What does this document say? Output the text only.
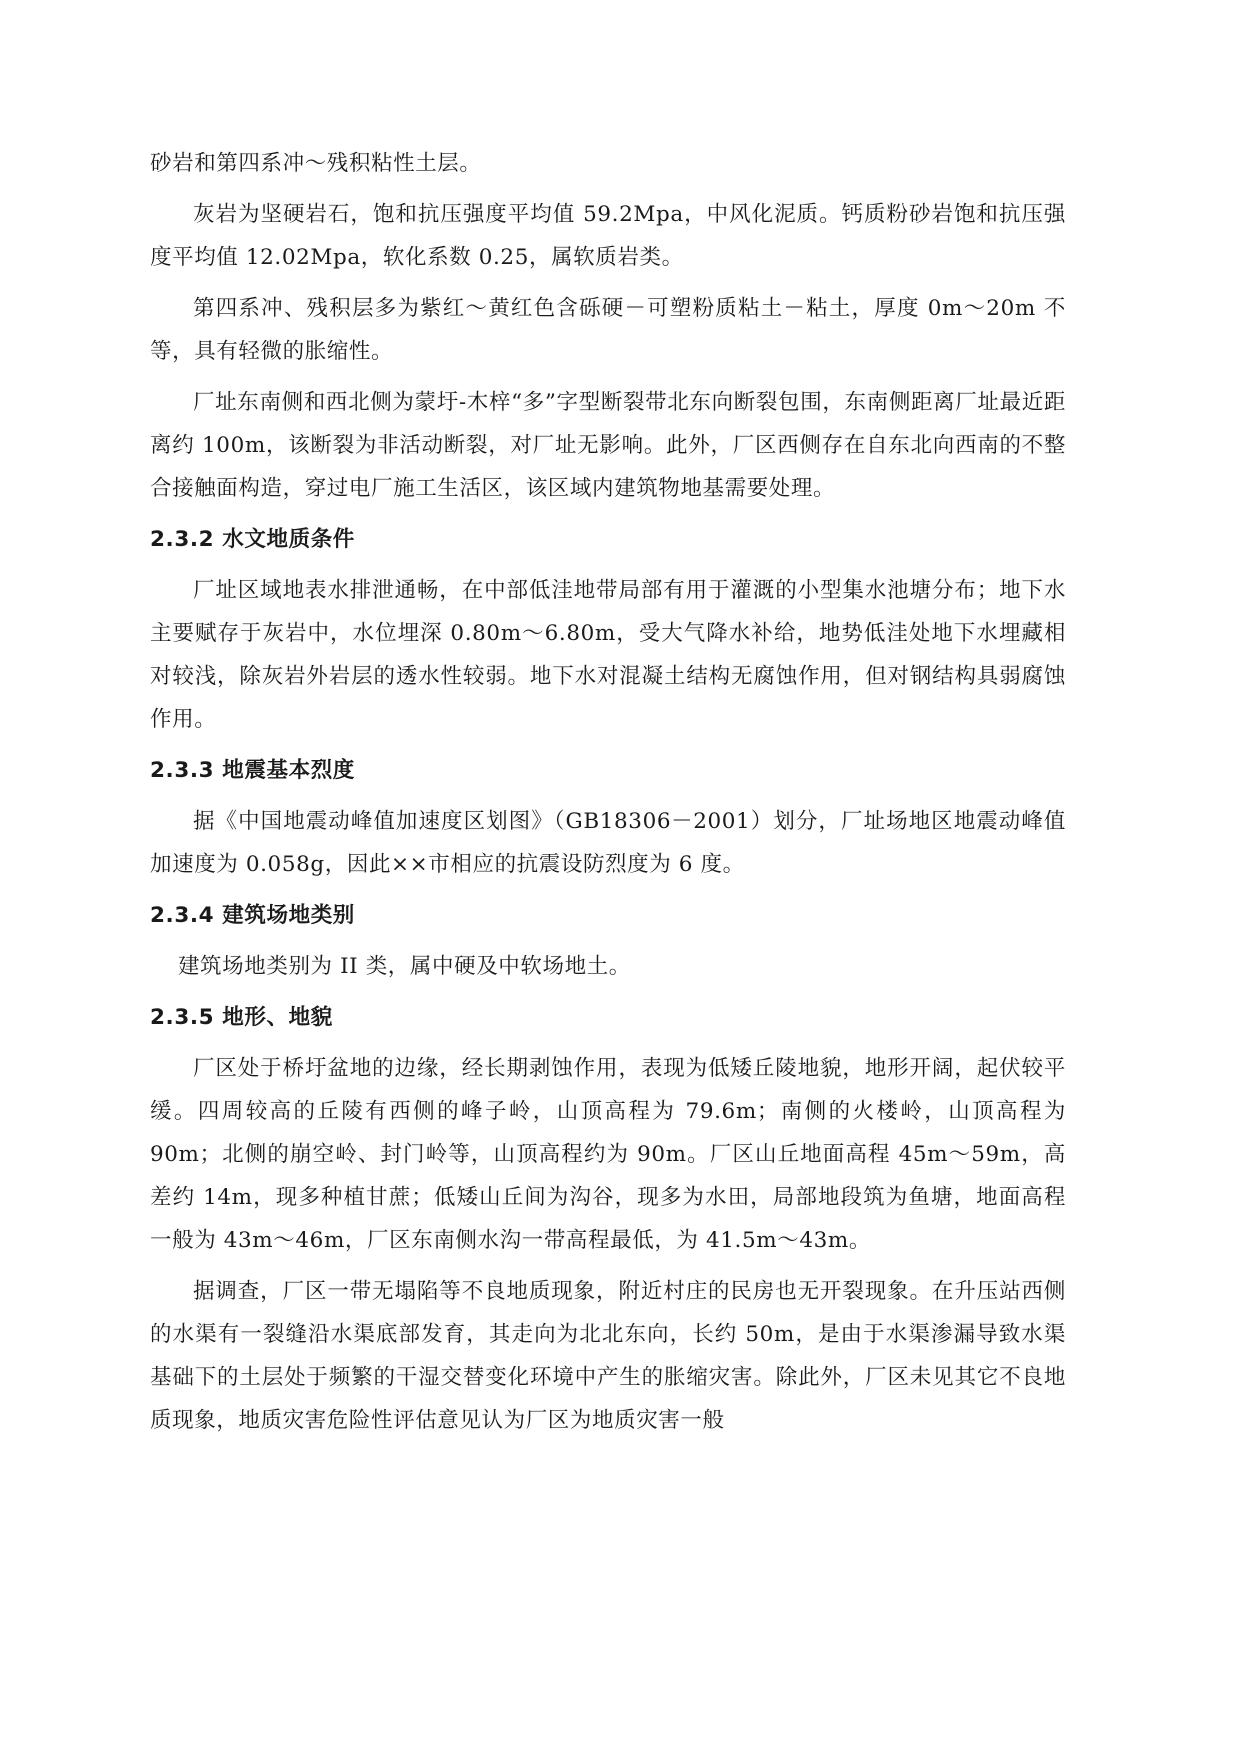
砂岩和第四系冲～残积粘性土层。

灰岩为坚硬岩石，饱和抗压强度平均值 59.2Mpa，中风化泥质。钙质粉砂岩饱和抗压强度平均值 12.02Mpa，软化系数 0.25，属软质岩类。

第四系冲、残积层多为紫红～黄红色含砾硬－可塑粉质粘土－粘土，厚度 0m～20m 不等，具有轻微的胀缩性。

厂址东南侧和西北侧为蒙圩-木梓“多”字型断裂带北东向断裂包围，东南侧距离厂址最近距离约 100m，该断裂为非活动断裂，对厂址无影响。此外，厂区西侧存在自东北向西南的不整合接触面构造，穿过电厂施工生活区，该区域内建筑物地基需要处理。

2.3.2 水文地质条件

厂址区域地表水排泄通畅，在中部低洼地带局部有用于灌溉的小型集水池塘分布；地下水主要赋存于灰岩中，水位埋深 0.80m～6.80m，受大气降水补给，地势低洼处地下水埋藏相对较浅，除灰岩外岩层的透水性较弱。地下水对混凝土结构无腐蚀作用，但对钢结构具弱腐蚀作用。

2.3.3 地震基本烈度

据《中国地震动峰值加速度区划图》（GB18306－2001）划分，厂址场地区地震动峰值加速度为 0.058g，因此××市相应的抗震设防烈度为 6 度。

2.3.4 建筑场地类别

建筑场地类别为 II 类，属中硬及中软场地土。

2.3.5 地形、地貌

厂区处于桥圩盆地的边缘，经长期剥蚀作用，表现为低矮丘陵地貌，地形开阔，起伏较平缓。四周较高的丘陵有西侧的峰子岭，山顶高程为 79.6m；南侧的火楼岭，山顶高程为 90m；北侧的崩空岭、封门岭等，山顶高程约为 90m。厂区山丘地面高程 45m～59m，高差约 14m，现多种植甘蔗；低矮山丘间为沟谷，现多为水田，局部地段筑为鱼塘，地面高程一般为 43m～46m，厂区东南侧水沟一带高程最低，为 41.5m～43m。

据调查，厂区一带无塌陷等不良地质现象，附近村庄的民房也无开裂现象。在升压站西侧的水渠有一裂缝沿水渠底部发育，其走向为北北东向，长约 50m，是由于水渠渗漏导致水渠基础下的土层处于频繁的干湿交替变化环境中产生的胀缩灾害。除此外，厂区未见其它不良地质现象，地质灾害危险性评估意见认为厂区为地质灾害一般
